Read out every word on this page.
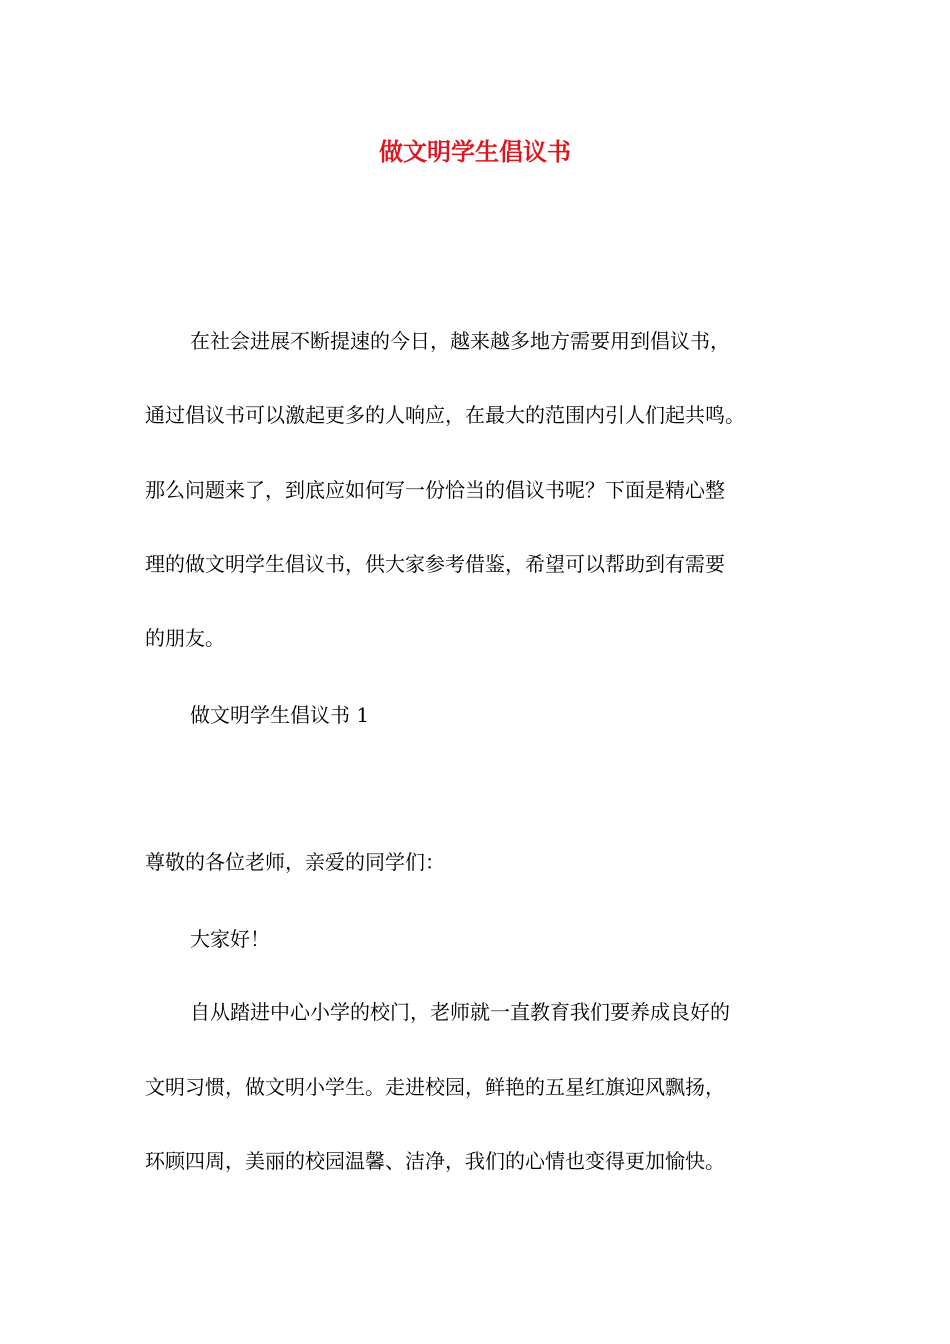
做文明学生倡议书

在社会进展不断提速的今日，越来越多地方需要用到倡议书，

通过倡议书可以激起更多的人响应，在最大的范围内引人们起共鸣。

那么问题来了，到底应如何写一份恰当的倡议书呢？下面是精心整

理的做文明学生倡议书，供大家参考借鉴，希望可以帮助到有需要

的朋友。

做文明学生倡议书 1

尊敬的各位老师，亲爱的同学们：

大家好！

自从踏进中心小学的校门，老师就一直教育我们要养成良好的

文明习惯，做文明小学生。走进校园，鲜艳的五星红旗迎风飘扬，

环顾四周，美丽的校园温馨、洁净，我们的心情也变得更加愉快。
